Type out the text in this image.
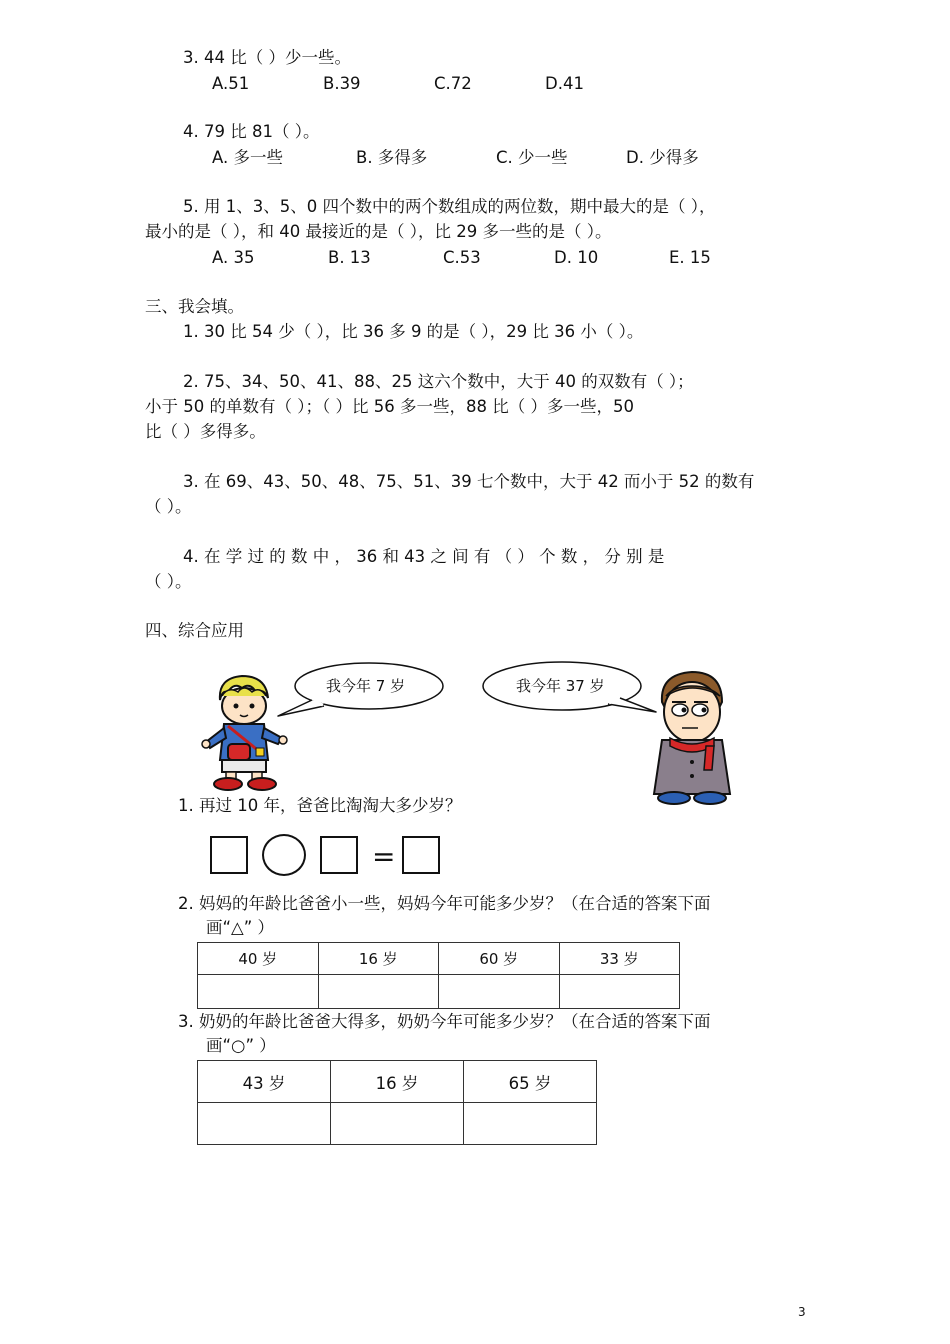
3. 44 比（ ）少一些。
A.51	B.39	C.72	D.41
4. 79 比 81（ ）。
A. 多一些	B. 多得多	C. 少一些	D. 少得多
5. 用 1、3、5、0 四个数中的两个数组成的两位数，期中最大的是（ ），
最小的是（ ），和 40 最接近的是（ ），比 29 多一些的是（ ）。
A. 35	B. 13	C.53	D. 10	E. 15
三、我会填。
1. 30 比 54 少（ ），比 36 多 9 的是（ ），29 比 36 小（ ）。
2. 75、34、50、41、88、25 这六个数中，大于 40 的双数有（ ）；
小于 50 的单数有（ ）；（ ）比 56 多一些，88 比（ ）多一些，50
比（ ）多得多。
3. 在 69、43、50、48、75、51、39 七个数中，大于 42 而小于 52 的数有
（ ）。
4. 在 学 过 的 数 中 ， 36 和 43 之 间 有 （ ） 个 数 ， 分 别 是
（ ）。
四、综合应用
我今年 7 岁	我今年 37 岁
1. 再过 10 年，爸爸比淘淘大多少岁？
=
2. 妈妈的年龄比爸爸小一些，妈妈今年可能多少岁？（在合适的答案下面
画“△” ）
40 岁	16 岁	60 岁	33 岁

3. 奶奶的年龄比爸爸大得多，奶奶今年可能多少岁？（在合适的答案下面
画“○” ）
43 岁	16 岁	65 岁

3
